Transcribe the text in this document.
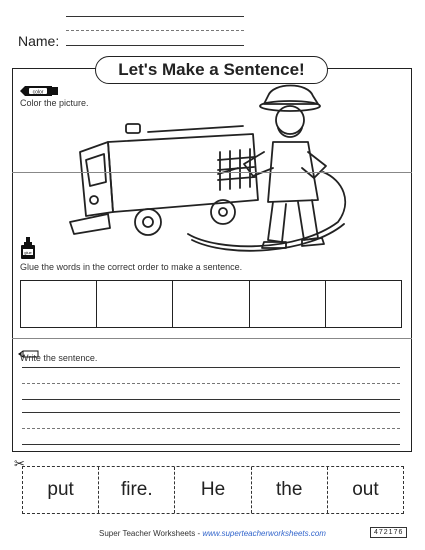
Name:
Let's Make a Sentence!
color
Color the picture.
glue
Glue the words in the correct order to make a sentence.
Write the sentence.
✂
put	fire.	He	the	out
Super Teacher Worksheets - www.superteacherworksheets.com	472176
